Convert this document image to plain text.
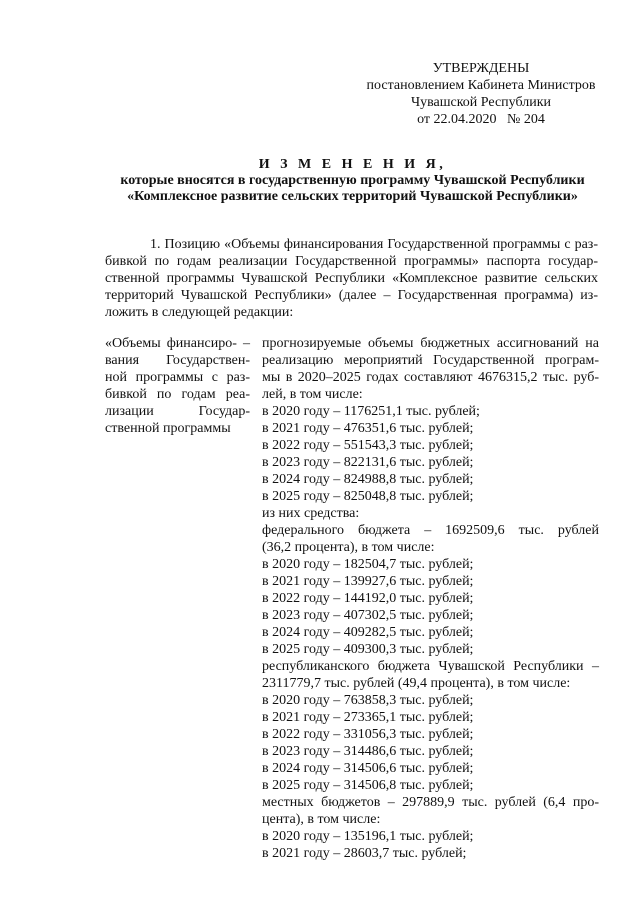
УТВЕРЖДЕНЫ
постановлением Кабинета Министров
Чувашской Республики
от 22.04.2020   № 204
И З М Е Н Е Н И Я,
которые вносятся в государственную программу Чувашской Республики
«Комплексное развитие сельских территорий Чувашской Республики»
1. Позицию «Объемы финансирования Государственной программы с раз-
бивкой по годам реализации Государственной программы» паспорта государ-
ственной программы Чувашской Республики «Комплексное развитие сельских
территорий Чувашской Республики» (далее – Государственная программа) из-
ложить в следующей редакции:
«Объемы финансиро- –
вания Государствен-
ной программы с раз-
бивкой по годам реа-
лизации Государ-
ственной программы
прогнозируемые объемы бюджетных ассигнований на
реализацию мероприятий Государственной програм-
мы в 2020–2025 годах составляют 4676315,2 тыс. руб-
лей, в том числе:
в 2020 году – 1176251,1 тыс. рублей;
в 2021 году – 476351,6 тыс. рублей;
в 2022 году – 551543,3 тыс. рублей;
в 2023 году – 822131,6 тыс. рублей;
в 2024 году – 824988,8 тыс. рублей;
в 2025 году – 825048,8 тыс. рублей;
из них средства:
федерального бюджета – 1692509,6 тыс. рублей
(36,2 процента), в том числе:
в 2020 году – 182504,7 тыс. рублей;
в 2021 году – 139927,6 тыс. рублей;
в 2022 году – 144192,0 тыс. рублей;
в 2023 году – 407302,5 тыс. рублей;
в 2024 году – 409282,5 тыс. рублей;
в 2025 году – 409300,3 тыс. рублей;
республиканского бюджета Чувашской Республики –
2311779,7 тыс. рублей (49,4 процента), в том числе:
в 2020 году – 763858,3 тыс. рублей;
в 2021 году – 273365,1 тыс. рублей;
в 2022 году – 331056,3 тыс. рублей;
в 2023 году – 314486,6 тыс. рублей;
в 2024 году – 314506,6 тыс. рублей;
в 2025 году – 314506,8 тыс. рублей;
местных бюджетов – 297889,9 тыс. рублей (6,4 про-
цента), в том числе:
в 2020 году – 135196,1 тыс. рублей;
в 2021 году – 28603,7 тыс. рублей;
